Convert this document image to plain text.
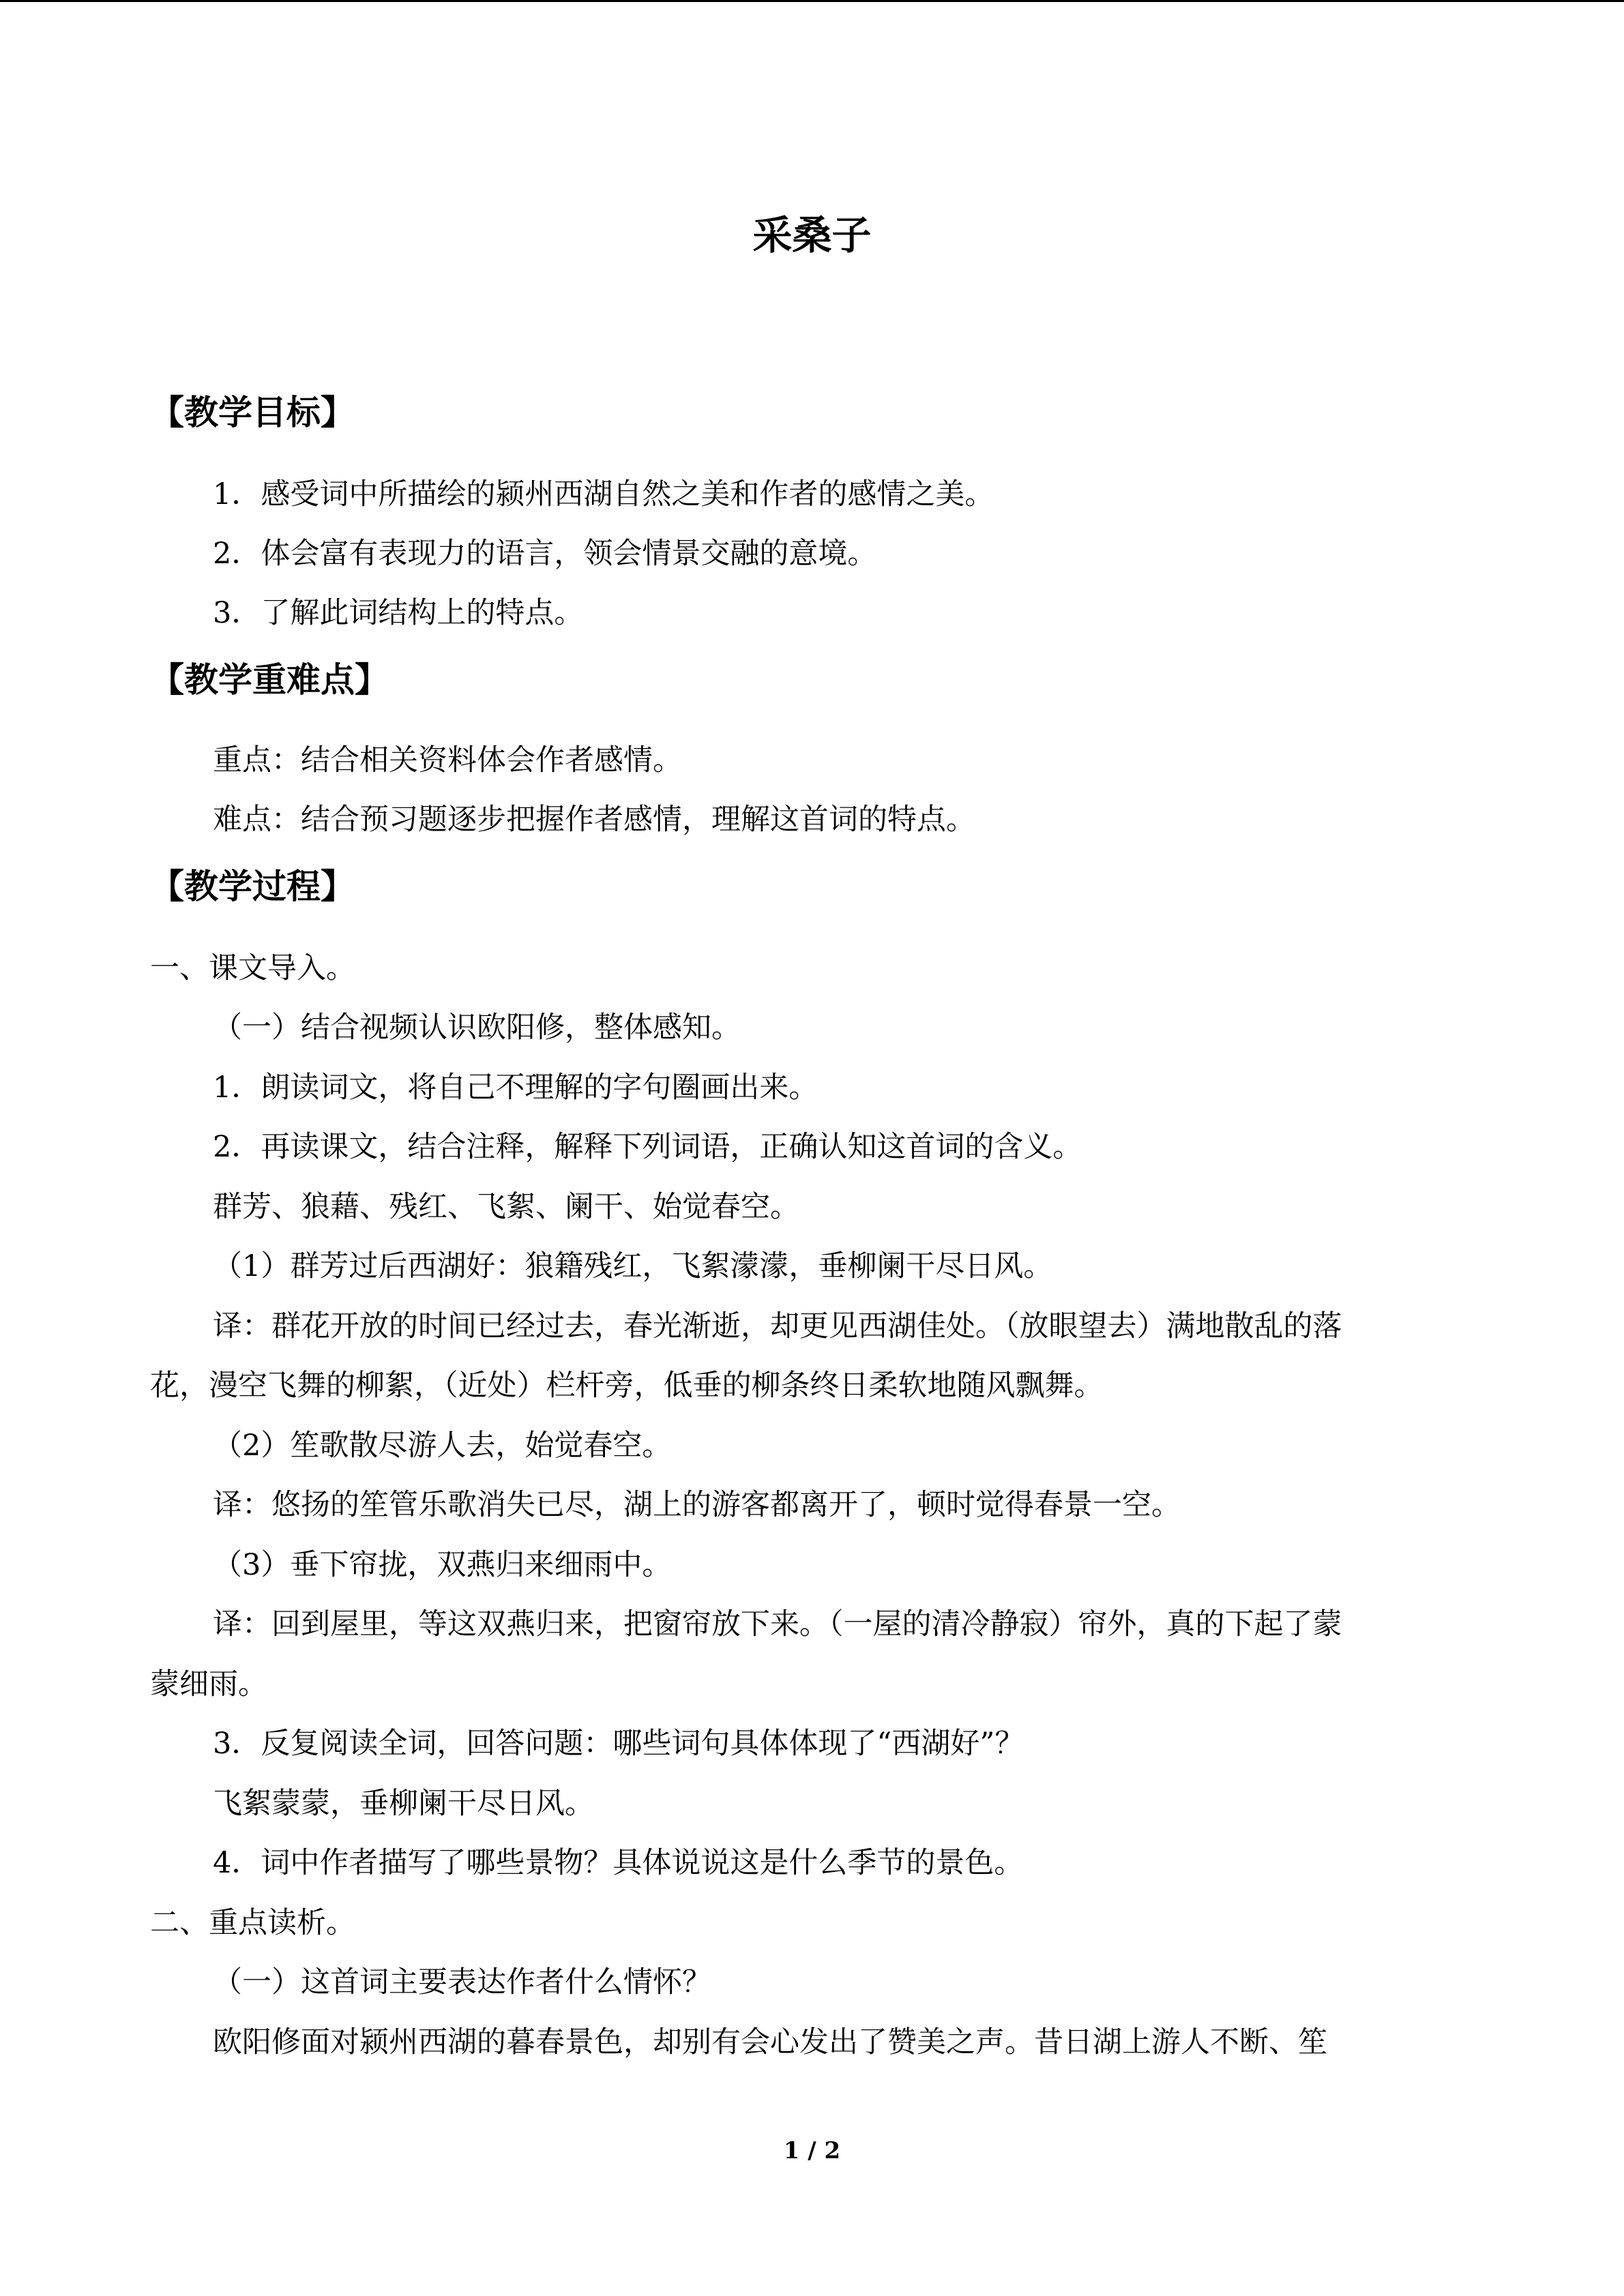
采桑子
【教学目标】

1．感受词中所描绘的颍州西湖自然之美和作者的感情之美。

2．体会富有表现力的语言，领会情景交融的意境。

3．了解此词结构上的特点。

【教学重难点】

重点：结合相关资料体会作者感情。

难点：结合预习题逐步把握作者感情，理解这首词的特点。

【教学过程】

一、课文导入。

（一）结合视频认识欧阳修，整体感知。

1．朗读词文，将自己不理解的字句圈画出来。

2．再读课文，结合注释，解释下列词语，正确认知这首词的含义。

群芳、狼藉、残红、飞絮、阑干、始觉春空。

（1）群芳过后西湖好：狼籍残红，飞絮濛濛，垂柳阑干尽日风。

译：群花开放的时间已经过去，春光渐逝，却更见西湖佳处。（放眼望去）满地散乱的落

花，漫空飞舞的柳絮，（近处）栏杆旁，低垂的柳条终日柔软地随风飘舞。

（2）笙歌散尽游人去，始觉春空。

译：悠扬的笙管乐歌消失已尽，湖上的游客都离开了，顿时觉得春景一空。

（3）垂下帘拢，双燕归来细雨中。

译：回到屋里，等这双燕归来，把窗帘放下来。（一屋的清冷静寂）帘外，真的下起了蒙

蒙细雨。

3．反复阅读全词，回答问题：哪些词句具体体现了“西湖好”？

飞絮蒙蒙，垂柳阑干尽日风。

4．词中作者描写了哪些景物？具体说说这是什么季节的景色。

二、重点读析。

（一）这首词主要表达作者什么情怀？

欧阳修面对颍州西湖的暮春景色，却别有会心发出了赞美之声。昔日湖上游人不断、笙

1 / 2
